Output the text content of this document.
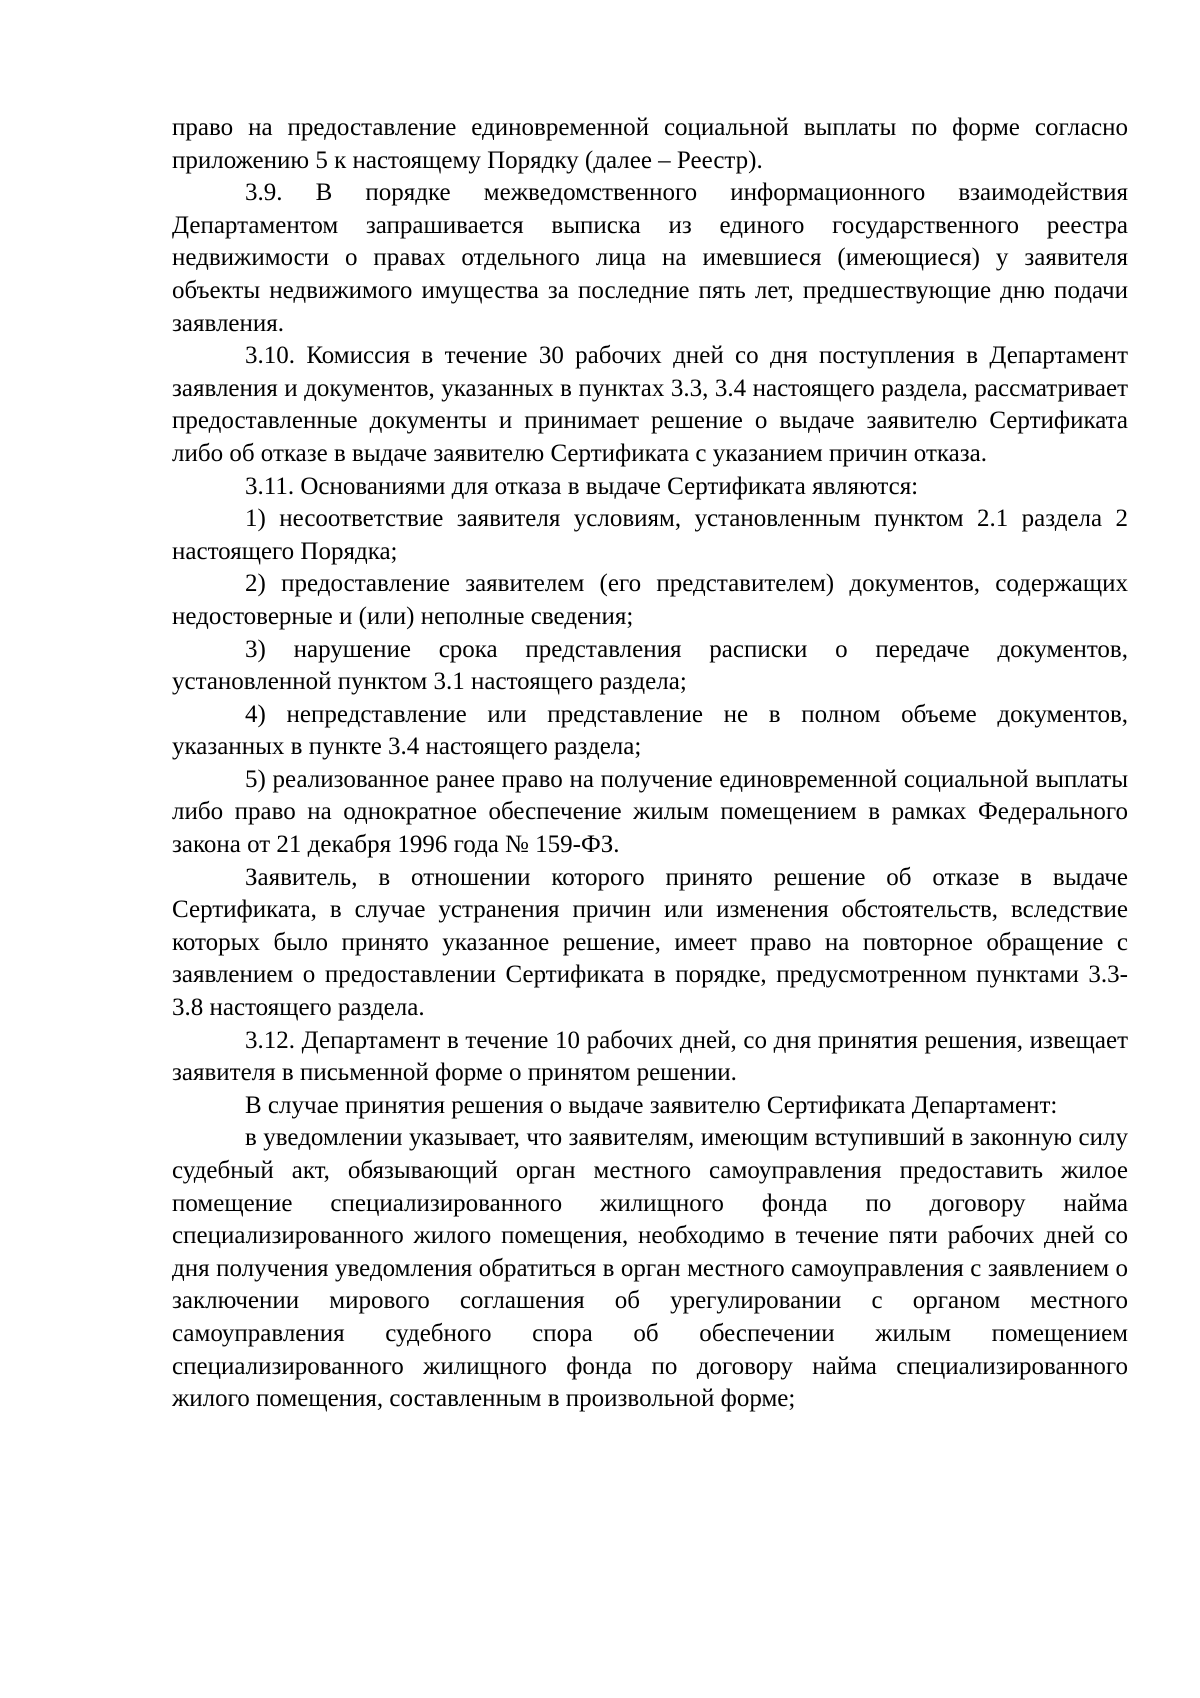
право на предоставление единовременной социальной выплаты по форме согласно приложению 5 к настоящему Порядку (далее – Реестр).

3.9. В порядке межведомственного информационного взаимодействия Департаментом запрашивается выписка из единого государственного реестра недвижимости о правах отдельного лица на имевшиеся (имеющиеся) у заявителя объекты недвижимого имущества за последние пять лет, предшествующие дню подачи заявления.

3.10. Комиссия в течение 30 рабочих дней со дня поступления в Департамент заявления и документов, указанных в пунктах 3.3, 3.4 настоящего раздела, рассматривает предоставленные документы и принимает решение о выдаче заявителю Сертификата либо об отказе в выдаче заявителю Сертификата с указанием причин отказа.

3.11. Основаниями для отказа в выдаче Сертификата являются:

1) несоответствие заявителя условиям, установленным пунктом 2.1 раздела 2 настоящего Порядка;

2) предоставление заявителем (его представителем) документов, содержащих недостоверные и (или) неполные сведения;

3) нарушение срока представления расписки о передаче документов, установленной пунктом 3.1 настоящего раздела;

4) непредставление или представление не в полном объеме документов, указанных в пункте 3.4 настоящего раздела;

5) реализованное ранее право на получение единовременной социальной выплаты либо право на однократное обеспечение жилым помещением в рамках Федерального закона от 21 декабря 1996 года № 159-ФЗ.

Заявитель, в отношении которого принято решение об отказе в выдаче Сертификата, в случае устранения причин или изменения обстоятельств, вследствие которых было принято указанное решение, имеет право на повторное обращение с заявлением о предоставлении Сертификата в порядке, предусмотренном пунктами 3.3-3.8 настоящего раздела.

3.12. Департамент в течение 10 рабочих дней, со дня принятия решения, извещает заявителя в письменной форме о принятом решении.

В случае принятия решения о выдаче заявителю Сертификата Департамент:

в уведомлении указывает, что заявителям, имеющим вступивший в законную силу судебный акт, обязывающий орган местного самоуправления предоставить жилое помещение специализированного жилищного фонда по договору найма специализированного жилого помещения, необходимо в течение пяти рабочих дней со дня получения уведомления обратиться в орган местного самоуправления с заявлением о заключении мирового соглашения об урегулировании с органом местного самоуправления судебного спора об обеспечении жилым помещением специализированного жилищного фонда по договору найма специализированного жилого помещения, составленным в произвольной форме;
